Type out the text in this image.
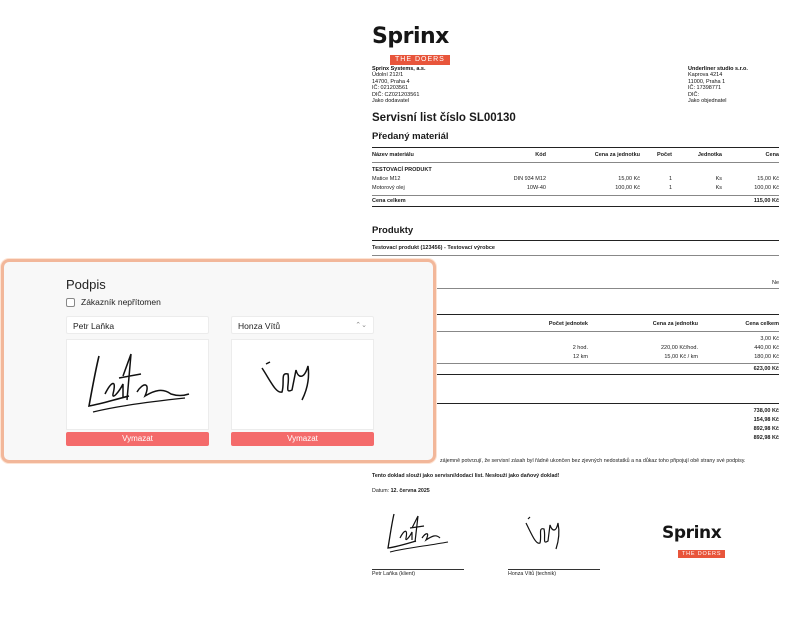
Sprinx
THE DOERS
Sprinx Systems, a.s.
Údolní 212/1
14700, Praha 4
IČ: 021203561
DIČ: CZ021203561
Jako dodavatel
Underliner studio s.r.o.
Kaprova 4214
11000, Praha 1
IČ: 17398771
DIČ:
Jako objednatel
Servisní list číslo SL00130
Předaný materiál
Název materiálu	Kód	Cena za jednotku	Počet	Jednotka	Cena
TESTOVACÍ PRODUKT
Matice M12	DIN 934 M12	15,00 Kč	1	Ks	15,00 Kč
Motorový olej	10W-40	100,00 Kč	1	Ks	100,00 Kč
Cena celkem	115,00 Kč
Produkty
Testovací produkt (123456) - Testovací výrobce
Ne
Počet jednotek	Cena za jednotku	Cena celkem
3,00 Kč
2 hod.	220,00 Kč/hod.	440,00 Kč
12 km	15,00 Kč / km	180,00 Kč
623,00 Kč
738,00 Kč
154,98 Kč
892,98 Kč
892,98 Kč
zájemně potvrzují, že servisní zásah byl řádně ukončen bez zjevných nedostatků a na důkaz toho připojují obě strany své podpisy.
Tento doklad slouží jako servisní/dodací list. Nesłouží jako daňový doklad!
Datum: 12. června 2025
Petr Laňka (klient)	Honza Vítů (technik)
Sprinx
THE DOERS
Podpis
Zákazník nepřítomen
Petr Laňka	Honza Vítů	⌃⌄
Vymazat	Vymazat
